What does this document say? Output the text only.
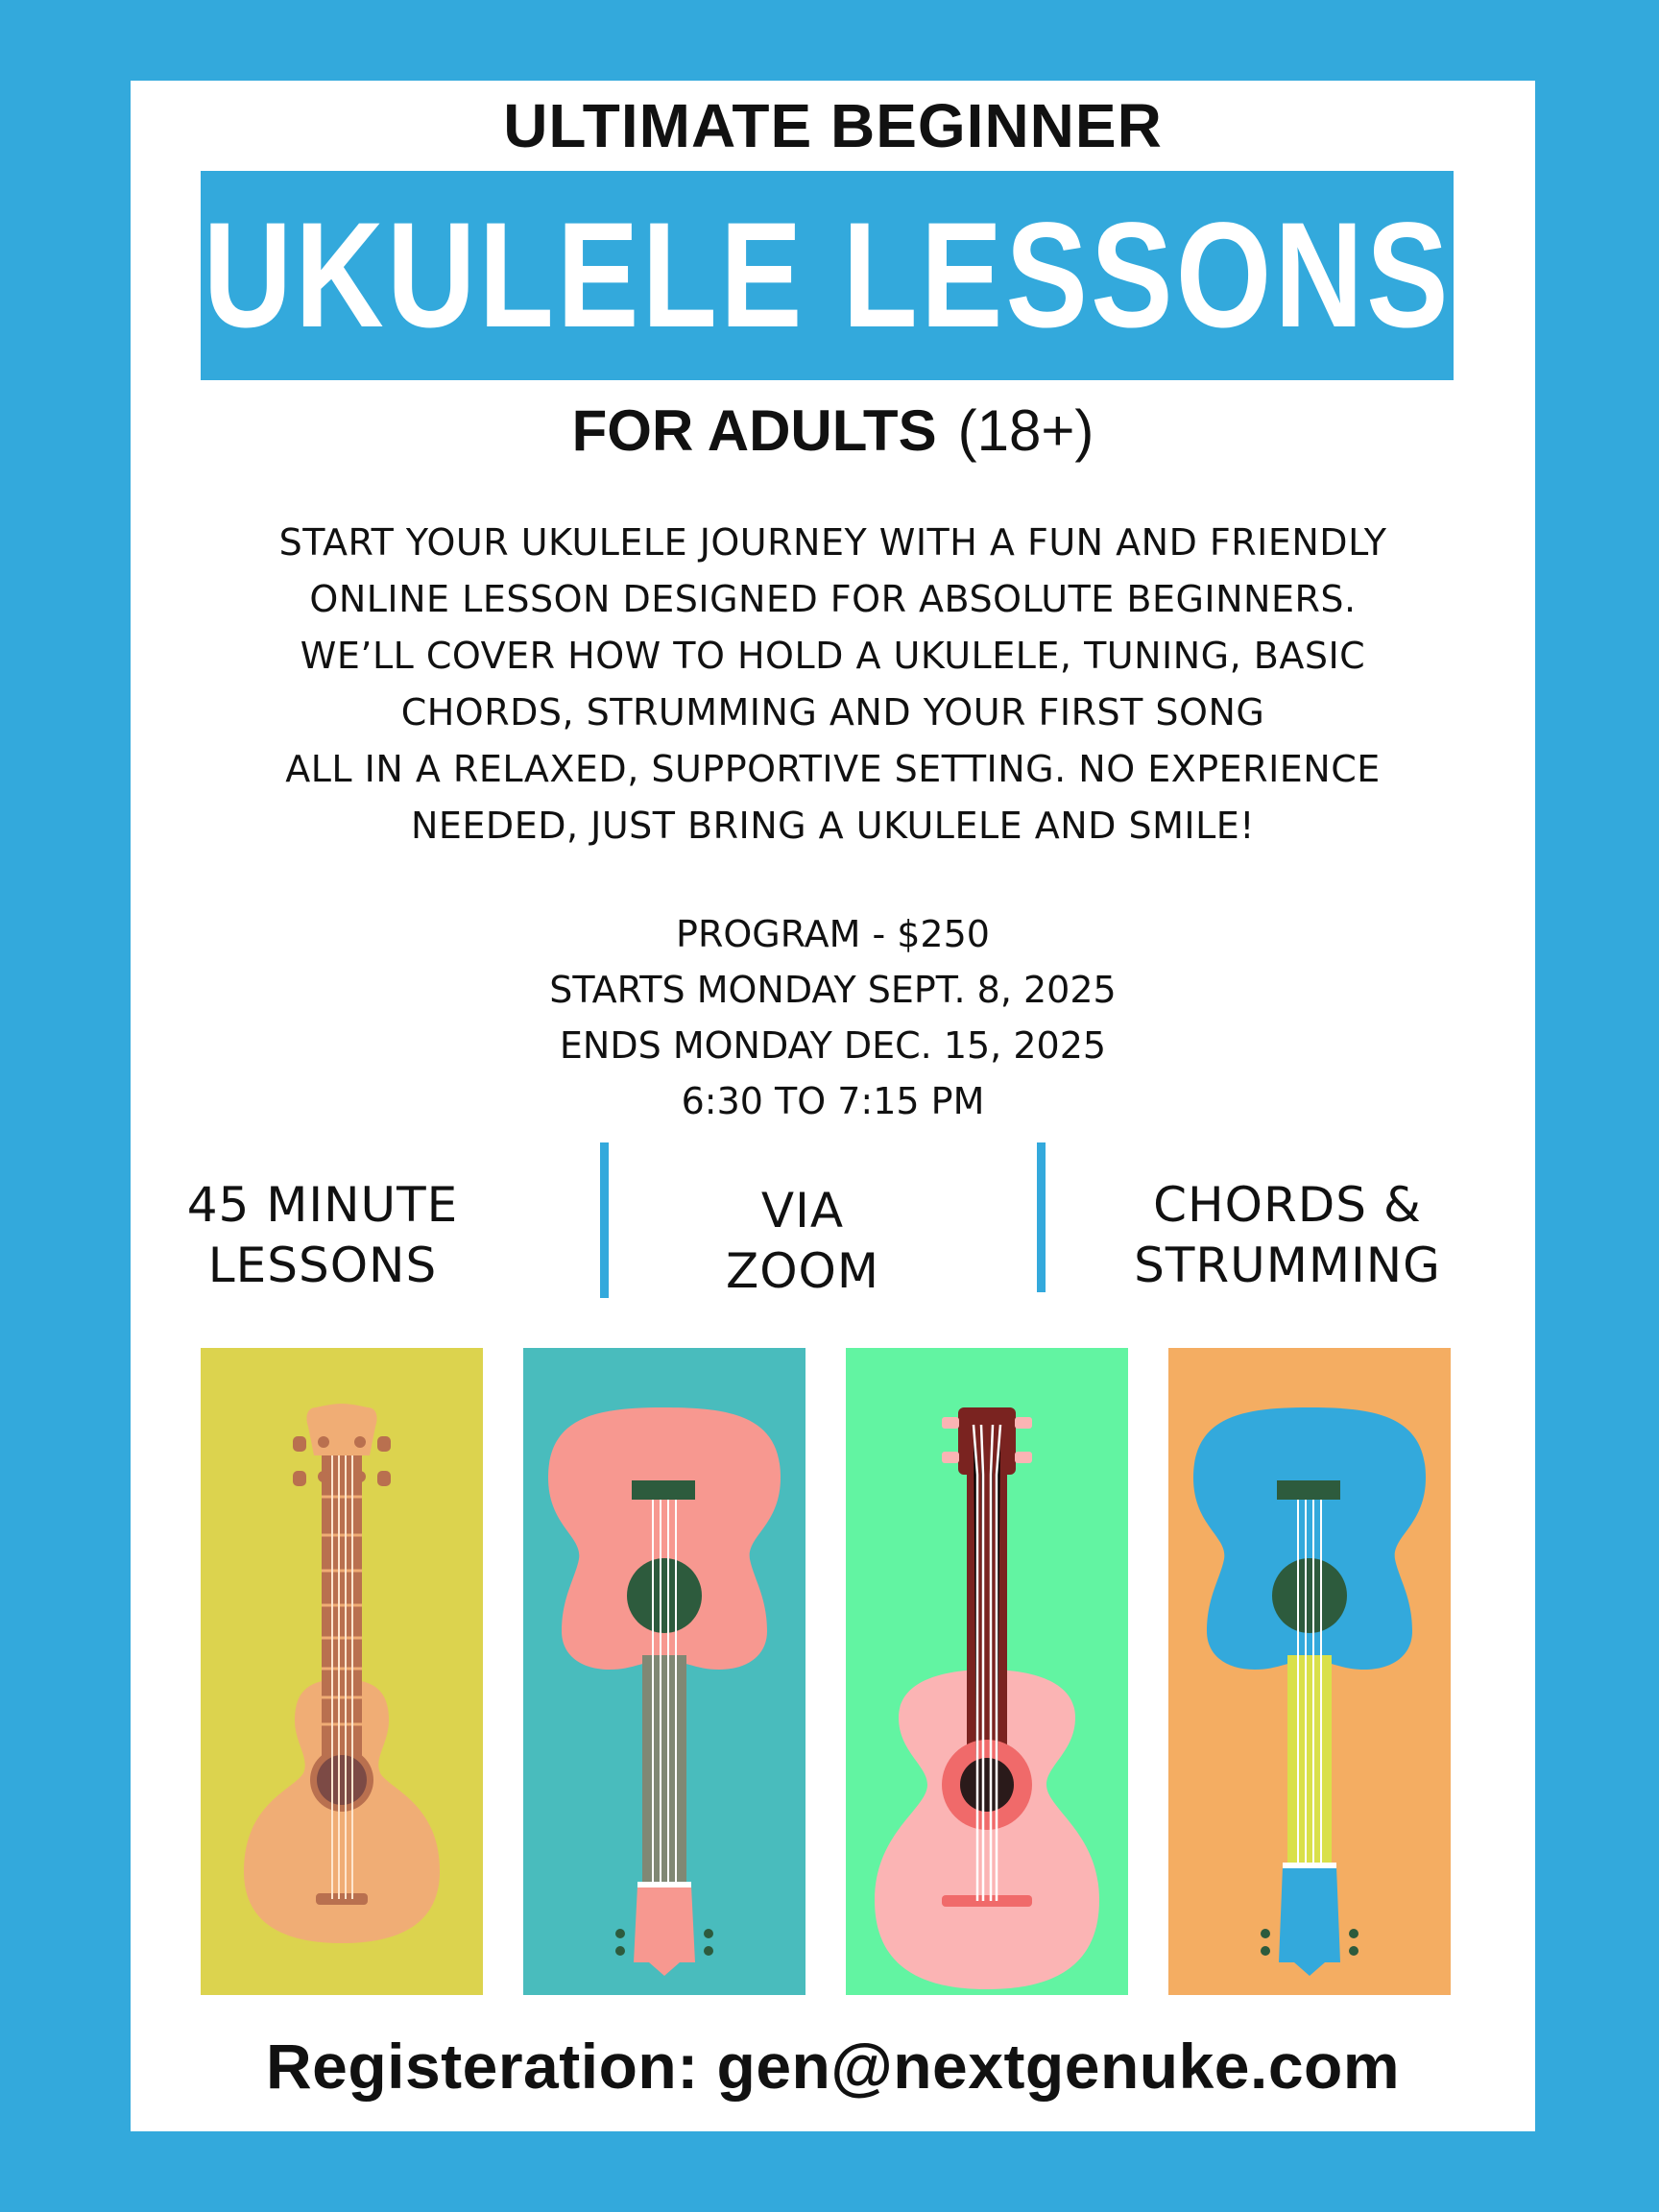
ULTIMATE BEGINNER
UKULELE LESSONS
FOR ADULTS (18+)
START YOUR UKULELE JOURNEY WITH A FUN AND FRIENDLY
ONLINE LESSON DESIGNED FOR ABSOLUTE BEGINNERS.
WE’LL COVER HOW TO HOLD A UKULELE, TUNING, BASIC
CHORDS, STRUMMING AND YOUR FIRST SONG
ALL IN A RELAXED, SUPPORTIVE SETTING. NO EXPERIENCE
NEEDED, JUST BRING A UKULELE AND SMILE!
PROGRAM - $250
STARTS MONDAY SEPT. 8, 2025
ENDS MONDAY DEC. 15, 2025
6:30 TO 7:15 PM
45 MINUTE
LESSONS
VIA
ZOOM
CHORDS &
STRUMMING
Registeration: gen@nextgenuke.com
